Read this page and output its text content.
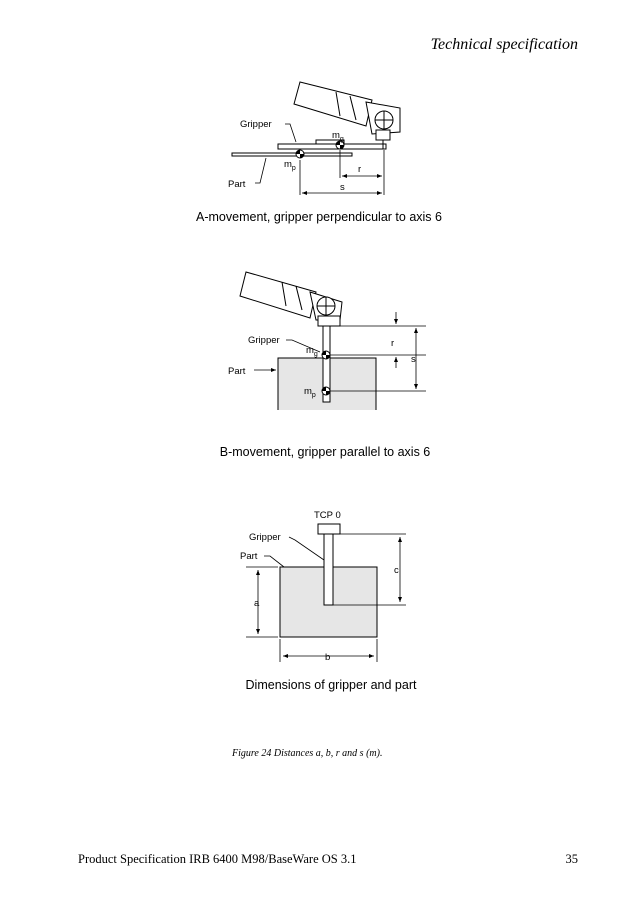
Technical specification
Gripper
Part
$m_g$
$m_p$	r
s
A-movement, gripper perpendicular to axis 6
Gripper
Part
$m_g$
$m_p$
r
s
B-movement, gripper parallel to axis 6
TCP 0
Gripper
Part
a
b
c
Dimensions of gripper and part
Figure 24 Distances a, b, r and s (m).
Product Specification IRB 6400 M98/BaseWare OS 3.1	35
